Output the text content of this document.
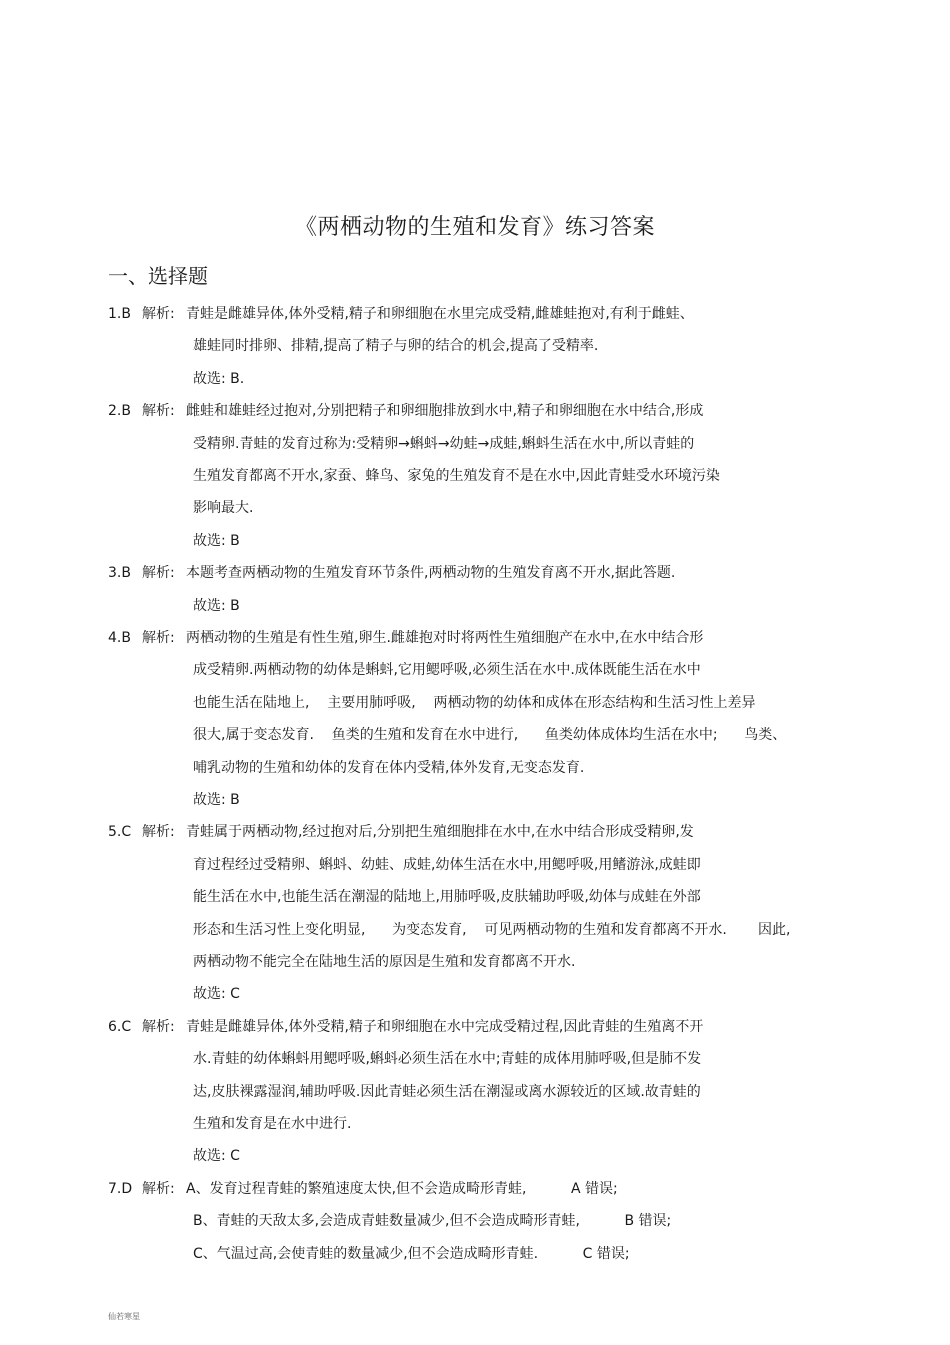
《两栖动物的生殖和发育》练习答案
一、选择题
1.B 解析: 青蛙是雌雄异体,体外受精,精子和卵细胞在水里完成受精,雌雄蛙抱对,有利于雌蛙、
雄蛙同时排卵、排精,提高了精子与卵的结合的机会,提高了受精率.
故选: B.
2.B 解析: 雌蛙和雄蛙经过抱对,分别把精子和卵细胞排放到水中,精子和卵细胞在水中结合,形成
受精卵.青蛙的发育过称为:受精卵→蝌蚪→幼蛙→成蛙,蝌蚪生活在水中,所以青蛙的
生殖发育都离不开水,家蚕、蜂鸟、家兔的生殖发育不是在水中,因此青蛙受水环境污染
影响最大.
故选: B
3.B 解析: 本题考查两栖动物的生殖发育环节条件,两栖动物的生殖发育离不开水,据此答题.
故选: B
4.B 解析: 两栖动物的生殖是有性生殖,卵生.雌雄抱对时将两性生殖细胞产在水中,在水中结合形
成受精卵.两栖动物的幼体是蝌蚪,它用鳃呼吸,必须生活在水中.成体既能生活在水中
也能生活在陆地上,    主要用肺呼吸,    两栖动物的幼体和成体在形态结构和生活习性上差异
很大,属于变态发育.    鱼类的生殖和发育在水中进行,      鱼类幼体成体均生活在水中;      鸟类、
哺乳动物的生殖和幼体的发育在体内受精,体外发育,无变态发育.
故选: B
5.C 解析: 青蛙属于两栖动物,经过抱对后,分别把生殖细胞排在水中,在水中结合形成受精卵,发
育过程经过受精卵、蝌蚪、幼蛙、成蛙,幼体生活在水中,用鳃呼吸,用鳍游泳,成蛙即
能生活在水中,也能生活在潮湿的陆地上,用肺呼吸,皮肤辅助呼吸,幼体与成蛙在外部
形态和生活习性上变化明显,      为变态发育,    可见两栖动物的生殖和发育都离不开水.       因此,
两栖动物不能完全在陆地生活的原因是生殖和发育都离不开水.
故选: C
6.C 解析: 青蛙是雌雄异体,体外受精,精子和卵细胞在水中完成受精过程,因此青蛙的生殖离不开
水.青蛙的幼体蝌蚪用鳃呼吸,蝌蚪必须生活在水中;青蛙的成体用肺呼吸,但是肺不发
达,皮肤裸露湿润,辅助呼吸.因此青蛙必须生活在潮湿或离水源较近的区域.故青蛙的
生殖和发育是在水中进行.
故选: C
7.D 解析: A、发育过程青蛙的繁殖速度太快,但不会造成畸形青蛙,          A 错误;
B、青蛙的天敌太多,会造成青蛙数量减少,但不会造成畸形青蛙,          B 错误;
C、气温过高,会使青蛙的数量减少,但不会造成畸形青蛙.          C 错误;
仙若寒星
